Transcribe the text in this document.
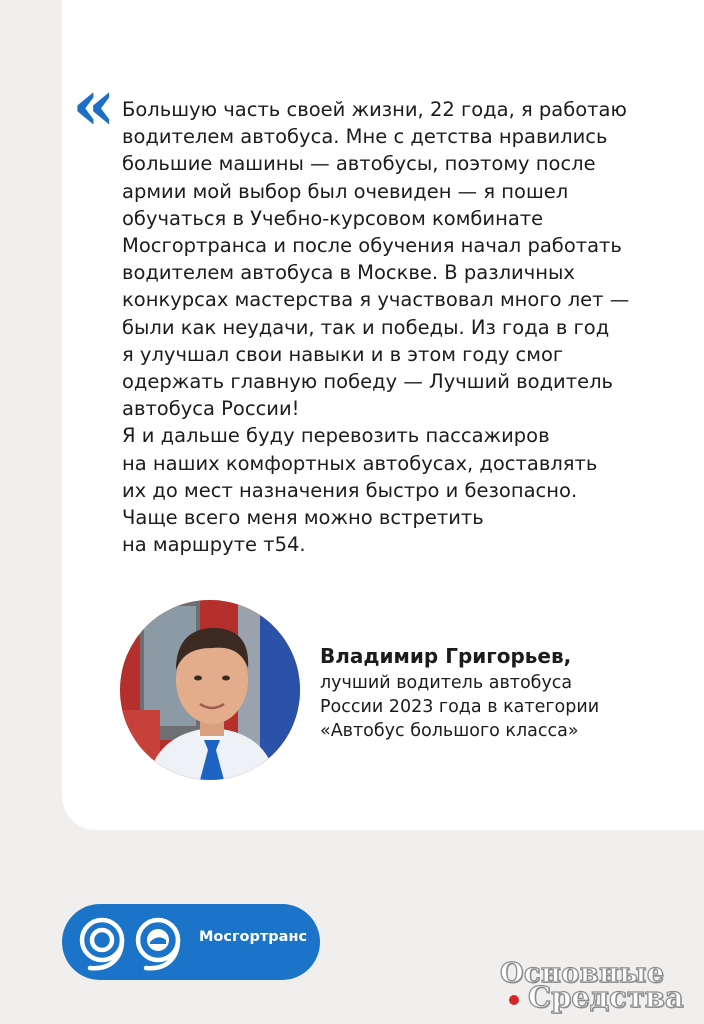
« Большую часть своей жизни, 22 года, я работаю
водителем автобуса. Мне с детства нравились
большие машины — автобусы, поэтому после
армии мой выбор был очевиден — я пошел
обучаться в Учебно-курсовом комбинате
Мосгортранса и после обучения начал работать
водителем автобуса в Москве. В различных
конкурсах мастерства я участвовал много лет —
были как неудачи, так и победы. Из года в год
я улучшал свои навыки и в этом году смог
одержать главную победу — Лучший водитель
автобуса России!
Я и дальше буду перевозить пассажиров
на наших комфортных автобусах, доставлять
их до мест назначения быстро и безопасно.
Чаще всего меня можно встретить
на маршруте т54.
Владимир Григорьев,
лучший водитель автобуса
России 2023 года в категории
«Автобус большого класса»
Мосгортранс
Основные
Средства
